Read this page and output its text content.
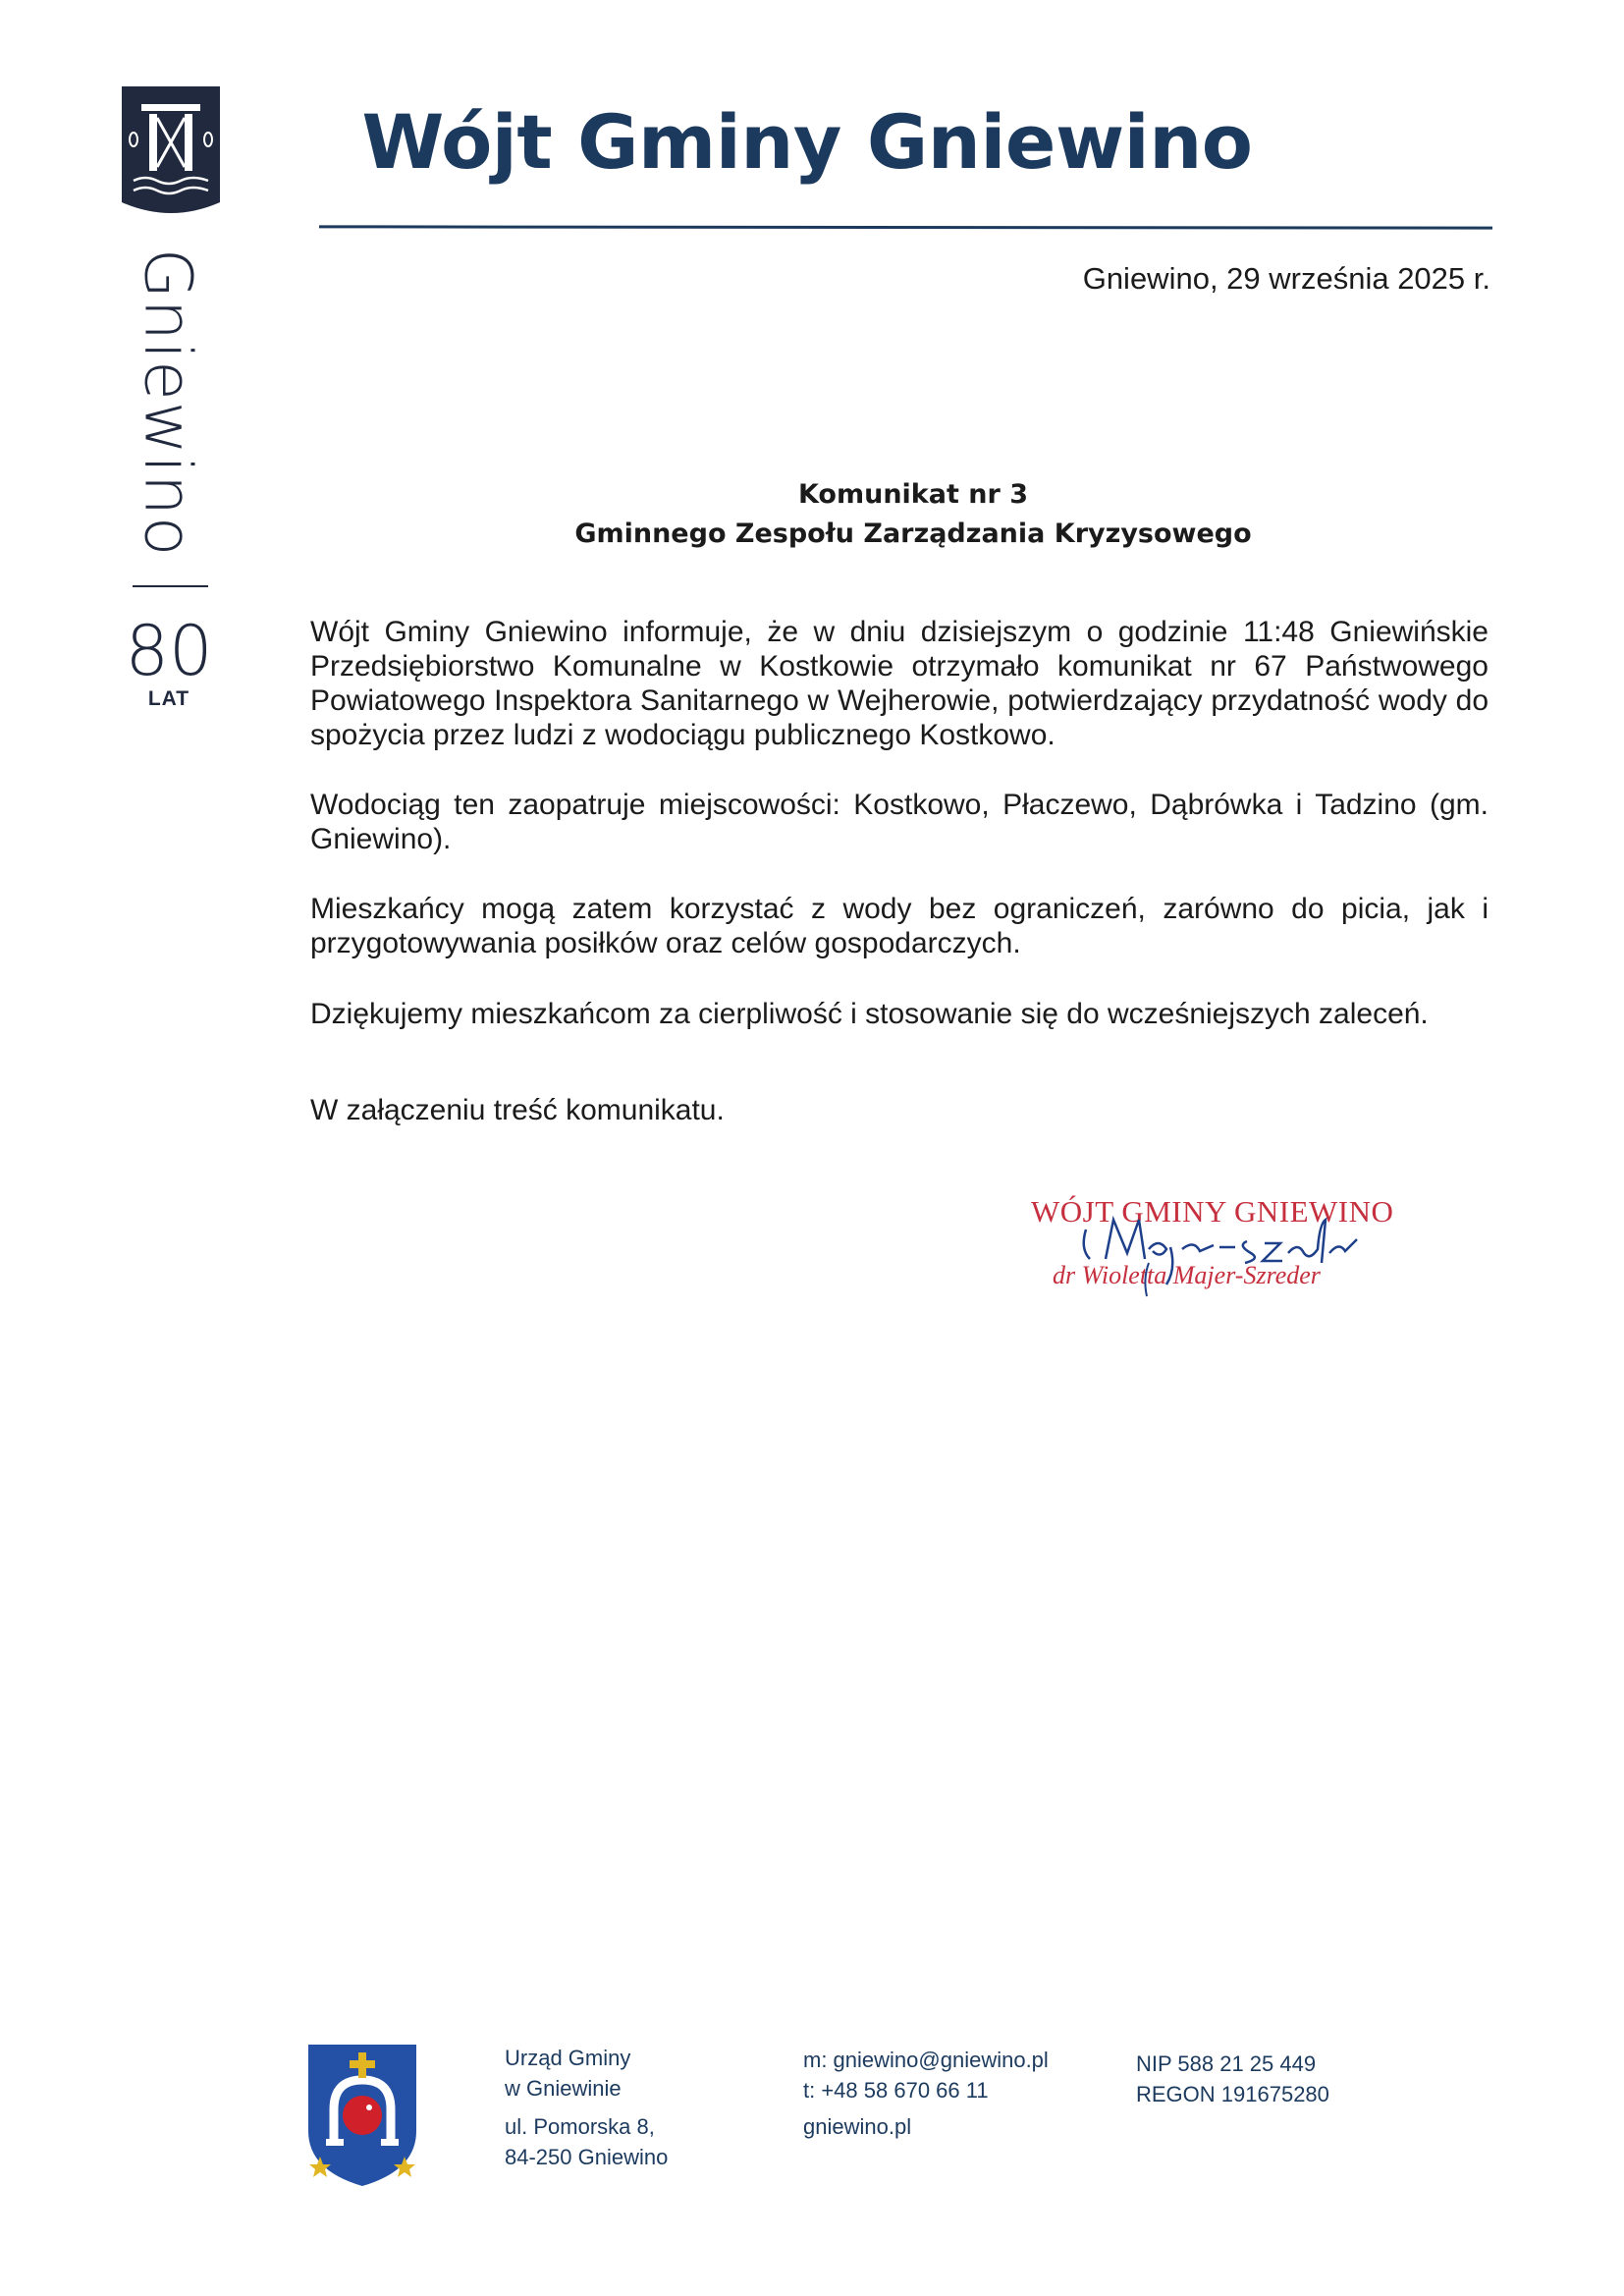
Gniewino
80
LAT
Wójt Gminy Gniewino
Gniewino, 29 września 2025 r.
Komunikat nr 3
Gminnego Zespołu Zarządzania Kryzysowego

Wójt Gminy Gniewino informuje, że w dniu dzisiejszym o godzinie 11:48 Gniewińskie Przedsiębiorstwo Komunalne w Kostkowie otrzymało komunikat nr 67 Państwowego Powiatowego Inspektora Sanitarnego w Wejherowie, potwierdzający przydatność wody do spożycia przez ludzi z wodociągu publicznego Kostkowo.

Wodociąg ten zaopatruje miejscowości: Kostkowo, Płaczewo, Dąbrówka i Tadzino (gm. Gniewino).

Mieszkańcy mogą zatem korzystać z wody bez ograniczeń, zarówno do picia, jak i przygotowywania posiłków oraz celów gospodarczych.

Dziękujemy mieszkańcom za cierpliwość i stosowanie się do wcześniejszych zaleceń.

W załączeniu treść komunikatu.

WÓJT GMINY GNIEWINO
dr Wioletta Majer-Szreder
Urząd Gminy
w Gniewinie
ul. Pomorska 8,
84-250 Gniewino
m: gniewino@gniewino.pl
t: +48 58 670 66 11
gniewino.pl
NIP 588 21 25 449
REGON 191675280
